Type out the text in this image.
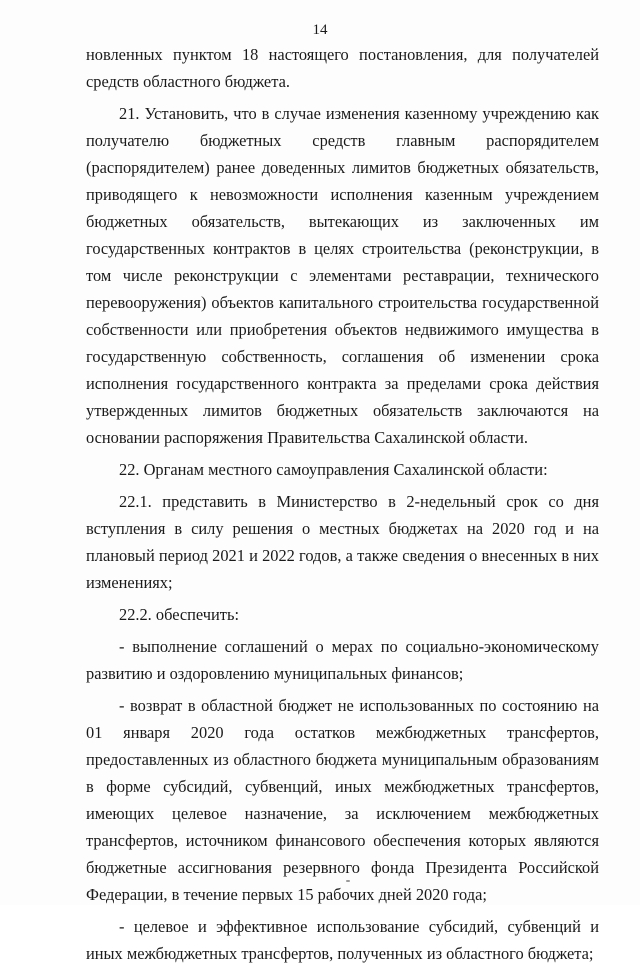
14

новленных пунктом 18 настоящего постановления, для получателей средств областного бюджета.

21. Установить, что в случае изменения казенному учреждению как получателю бюджетных средств главным распорядителем (распорядителем) ранее доведенных лимитов бюджетных обязательств, приводящего к невозможности исполнения казенным учреждением бюджетных обязательств, вытекающих из заключенных им государственных контрактов в целях строительства (реконструкции, в том числе реконструкции с элементами реставрации, технического перевооружения) объектов капитального строительства государственной собственности или приобретения объектов недвижимого имущества в государственную собственность, соглашения об изменении срока исполнения государственного контракта за пределами срока действия утвержденных лимитов бюджетных обязательств заключаются на основании распоряжения Правительства Сахалинской области.

22. Органам местного самоуправления Сахалинской области:

22.1. представить в Министерство в 2-недельный срок со дня вступления в силу решения о местных бюджетах на 2020 год и на плановый период 2021 и 2022 годов, а также сведения о внесенных в них изменениях;

22.2. обеспечить:

- выполнение соглашений о мерах по социально-экономическому развитию и оздоровлению муниципальных финансов;

- возврат в областной бюджет не использованных по состоянию на 01 января 2020 года остатков межбюджетных трансфертов, предоставленных из областного бюджета муниципальным образованиям в форме субсидий, субвенций, иных межбюджетных трансфертов, имеющих целевое назначение, за исключением межбюджетных трансфертов, источником финансового обеспечения которых являются бюджетные ассигнования резервного фонда Президента Российской Федерации, в течение первых 15 рабочих дней 2020 года;

- целевое и эффективное использование субсидий, субвенций и иных межбюджетных трансфертов, полученных из областного бюджета;
